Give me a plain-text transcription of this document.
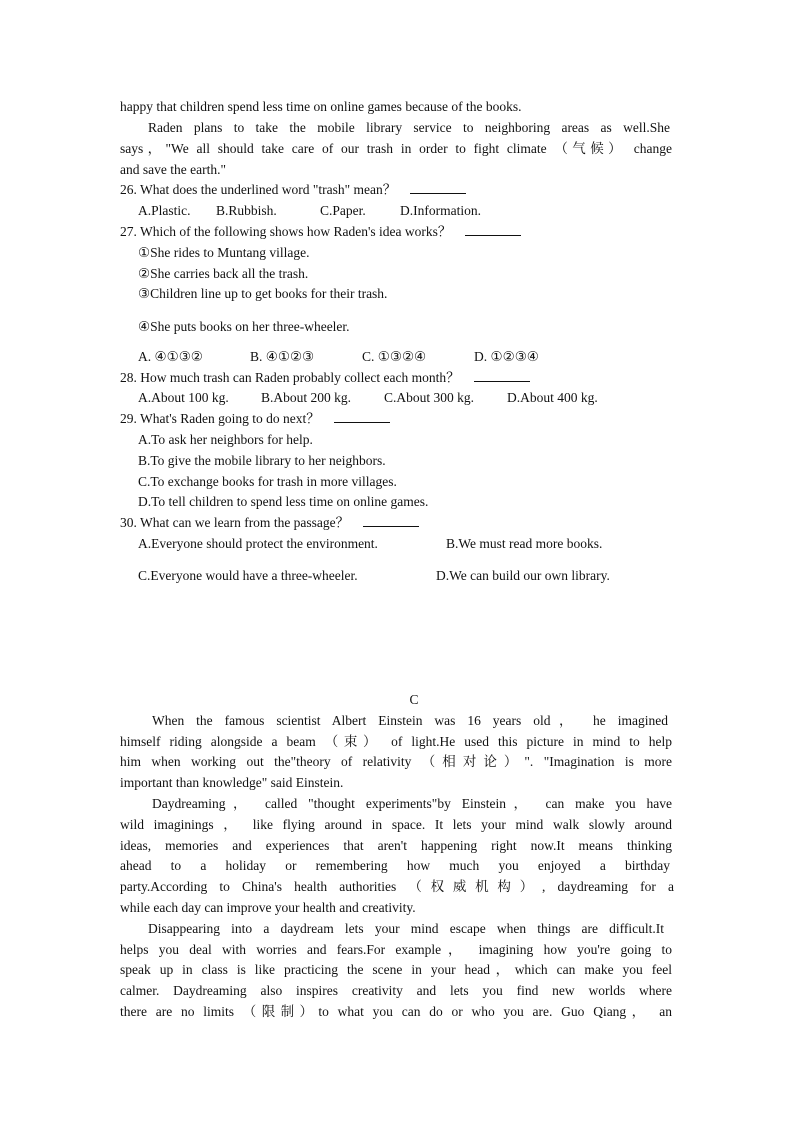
happy that children spend less time on online games because of the books.
Raden plans to take the mobile library service to neighboring areas as well.She
says，"We all should take care of our trash in order to fight climate （气候） change
and save the earth."
26. What does the underlined word "trash" mean？
A.Plastic. B.Rubbish.	C.Paper.	D.Information.
27. Which of the following shows how Raden's idea works？
①She rides to Muntang village.
②She carries back all the trash.
③Children line up to get books for their trash.
④She puts books on her three-wheeler.
A. ④①③②	B. ④①②③	C. ①③②④	D. ①②③④
28. How much trash can Raden probably collect each month？
A.About 100 kg. B.About 200 kg. C.About 300 kg. D.About 400 kg.
29. What's Raden going to do next？
A.To ask her neighbors for help.
B.To give the mobile library to her neighbors.
C.To exchange books for trash in more villages.
D.To tell children to spend less time on online games.
30. What can we learn from the passage？
A.Everyone should protect the environment.	B.We must read more books.
C.Everyone would have a three-wheeler.	D.We can build our own library.
C
When the famous scientist Albert Einstein was 16 years old， he imagined
himself riding alongside a beam （束） of light.He used this picture in mind to help
him when working out the"theory of relativity （相对论）". "Imagination is more
important than knowledge" said Einstein.
Daydreaming， called "thought experiments"by Einstein， can make you have
wild imaginings ， like flying around in space. It lets your mind walk slowly around
ideas, memories and experiences that aren't happening right now.It means thinking
ahead to a holiday or remembering how much you enjoyed a birthday
party.According to China's health authorities （权威机构）, daydreaming for a
while each day can improve your health and creativity.
Disappearing into a daydream lets your mind escape when things are difficult.It
helps you deal with worries and fears.For example， imagining how you're going to
speak up in class is like practicing the scene in your head，which can make you feel
calmer. Daydreaming also inspires creativity and lets you find new worlds where
there are no limits （限制）to what you can do or who you are. Guo Qiang， an
